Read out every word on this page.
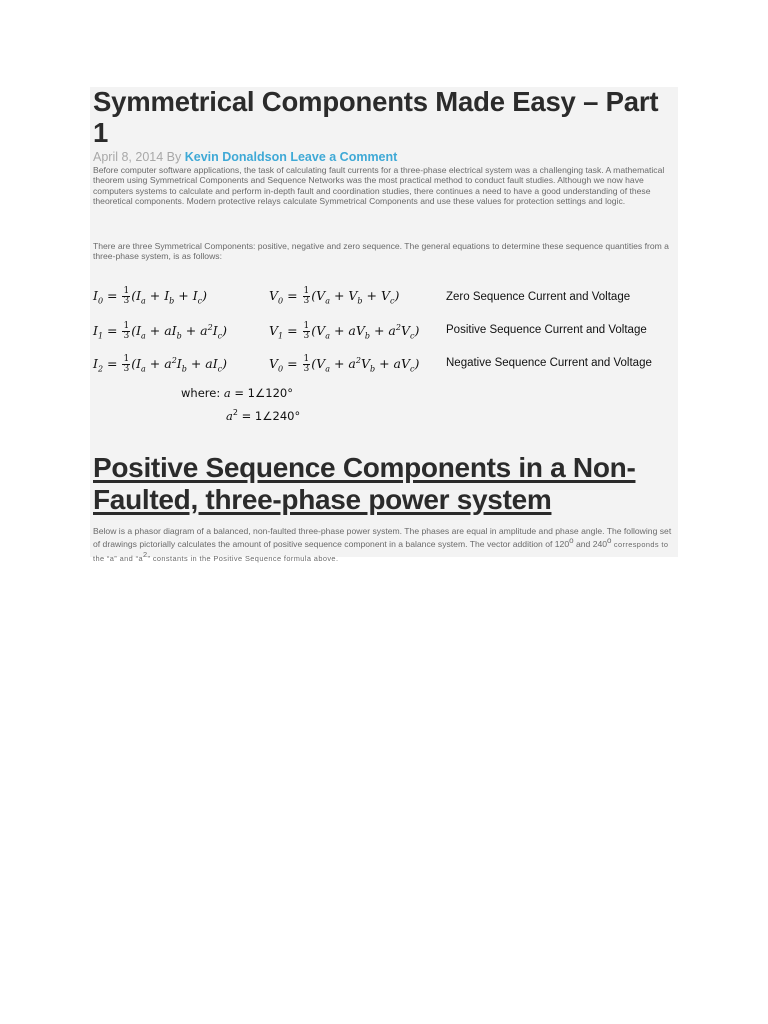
Symmetrical Components Made Easy – Part 1
April 8, 2014 By Kevin Donaldson Leave a Comment

Before computer software applications, the task of calculating fault currents for a three-phase electrical system was a challenging task. A mathematical theorem using Symmetrical Components and Sequence Networks was the most practical method to conduct fault studies. Although we now have computers systems to calculate and perform in-depth fault and coordination studies, there continues a need to have a good understanding of these theoretical components. Modern protective relays calculate Symmetrical Components and use these values for protection settings and logic.

There are three Symmetrical Components: positive, negative and zero sequence. The general equations to determine these sequence quantities from a three-phase system, is as follows:

$I_0 = \frac{1}{3} (I_a + I_b + I_c)$	$V_0 = \frac{1}{3} (V_a + V_b + V_c)$	Zero Sequence Current and Voltage
$I_1 = \frac{1}{3} (I_a + aI_b + a^2I_c)$	$V_1 = \frac{1}{3} (V_a + aV_b + a^2V_c)$ Positive Sequence Current and Voltage
$I_2 = \frac{1}{3} (I_a + a^2I_b + aI_c)$	$V_0 = \frac{1}{3} (V_a + a^2V_b + aV_c)$ Negative Sequence Current and Voltage
where: a = 1∠120°
$a^2$ = 1∠240°
Positive Sequence Components in a Non-Faulted, three-phase power system

Below is a phasor diagram of a balanced, non-faulted three-phase power system. The phases are equal in amplitude and phase angle. The following set of drawings pictorially calculates the amount of positive sequence component in a balance system. The vector addition of 120$^o$ and 240$^o$ corresponds to the “a” and “$a^2$” constants in the Positive Sequence formula above.
